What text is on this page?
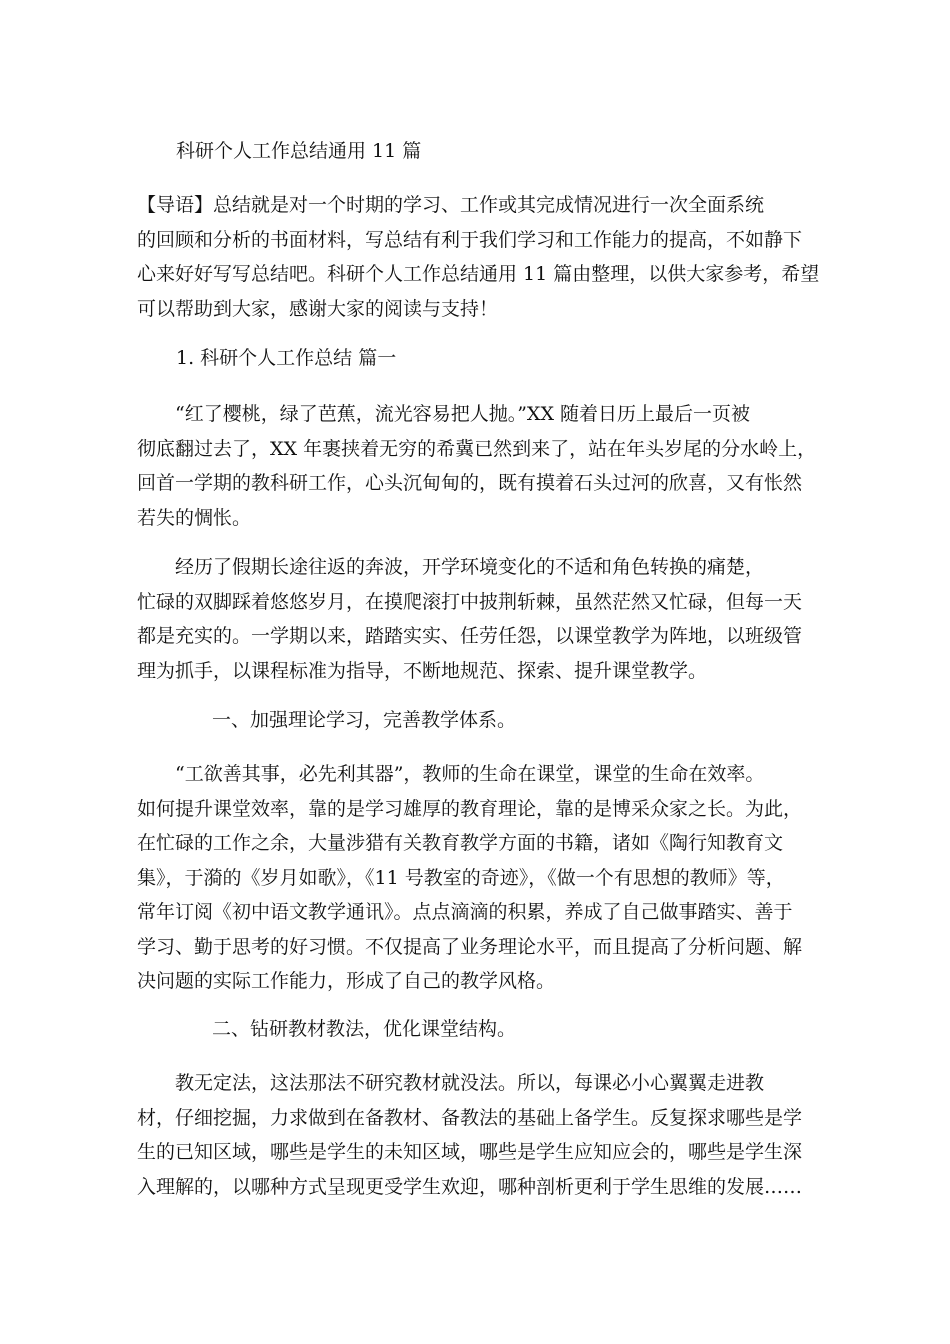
科研个人工作总结通用 11 篇
【导语】总结就是对一个时期的学习、工作或其完成情况进行一次全面系统
的回顾和分析的书面材料，写总结有利于我们学习和工作能力的提高，不如静下
心来好好写写总结吧。科研个人工作总结通用 11 篇由整理，以供大家参考，希望
可以帮助到大家，感谢大家的阅读与支持！
1. 科研个人工作总结 篇一
　　“红了樱桃，绿了芭蕉，流光容易把人抛。”XX 随着日历上最后一页被
彻底翻过去了，XX 年裹挟着无穷的希冀已然到来了，站在年头岁尾的分水岭上，
回首一学期的教科研工作，心头沉甸甸的，既有摸着石头过河的欣喜，又有怅然
若失的惆怅。
　　经历了假期长途往返的奔波，开学环境变化的不适和角色转换的痛楚，
忙碌的双脚踩着悠悠岁月，在摸爬滚打中披荆斩棘，虽然茫然又忙碌，但每一天
都是充实的。一学期以来，踏踏实实、任劳任怨，以课堂教学为阵地，以班级管
理为抓手，以课程标准为指导，不断地规范、探索、提升课堂教学。
一、加强理论学习，完善教学体系。
　　“工欲善其事，必先利其器”，教师的生命在课堂，课堂的生命在效率。
如何提升课堂效率，靠的是学习雄厚的教育理论，靠的是博采众家之长。为此，
在忙碌的工作之余，大量涉猎有关教育教学方面的书籍，诸如《陶行知教育文
集》，于漪的《岁月如歌》，《11 号教室的奇迹》，《做一个有思想的教师》等，
常年订阅《初中语文教学通讯》。点点滴滴的积累，养成了自己做事踏实、善于
学习、勤于思考的好习惯。不仅提高了业务理论水平，而且提高了分析问题、解
决问题的实际工作能力，形成了自己的教学风格。
二、钻研教材教法，优化课堂结构。
　　教无定法，这法那法不研究教材就没法。所以，每课必小心翼翼走进教
材，仔细挖掘，力求做到在备教材、备教法的基础上备学生。反复探求哪些是学
生的已知区域，哪些是学生的未知区域，哪些是学生应知应会的，哪些是学生深
入理解的，以哪种方式呈现更受学生欢迎，哪种剖析更利于学生思维的发展……
